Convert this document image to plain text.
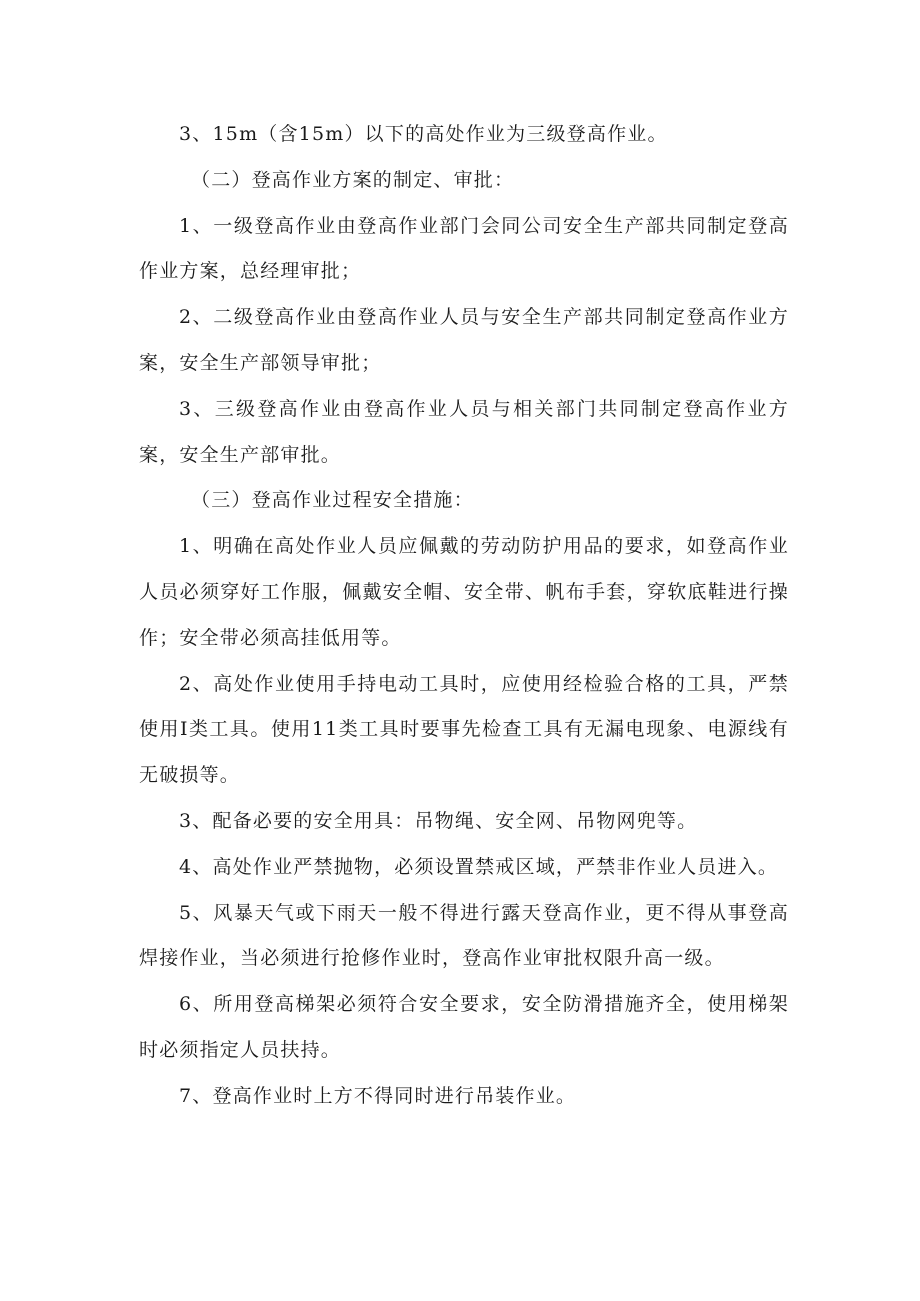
3、15m（含15m）以下的高处作业为三级登高作业。

（二）登高作业方案的制定、审批：

1、一级登高作业由登高作业部门会同公司安全生产部共同制定登高作业方案，总经理审批；

2、二级登高作业由登高作业人员与安全生产部共同制定登高作业方案，安全生产部领导审批；

3、三级登高作业由登高作业人员与相关部门共同制定登高作业方案，安全生产部审批。

（三）登高作业过程安全措施：

1、明确在高处作业人员应佩戴的劳动防护用品的要求，如登高作业人员必须穿好工作服，佩戴安全帽、安全带、帆布手套，穿软底鞋进行操作；安全带必须高挂低用等。

2、高处作业使用手持电动工具时，应使用经检验合格的工具，严禁使用Ⅰ类工具。使用11类工具时要事先检查工具有无漏电现象、电源线有无破损等。

3、配备必要的安全用具：吊物绳、安全网、吊物网兜等。

4、高处作业严禁抛物，必须设置禁戒区域，严禁非作业人员进入。

5、风暴天气或下雨天一般不得进行露天登高作业，更不得从事登高焊接作业，当必须进行抢修作业时，登高作业审批权限升高一级。

6、所用登高梯架必须符合安全要求，安全防滑措施齐全，使用梯架时必须指定人员扶持。

7、登高作业时上方不得同时进行吊装作业。
